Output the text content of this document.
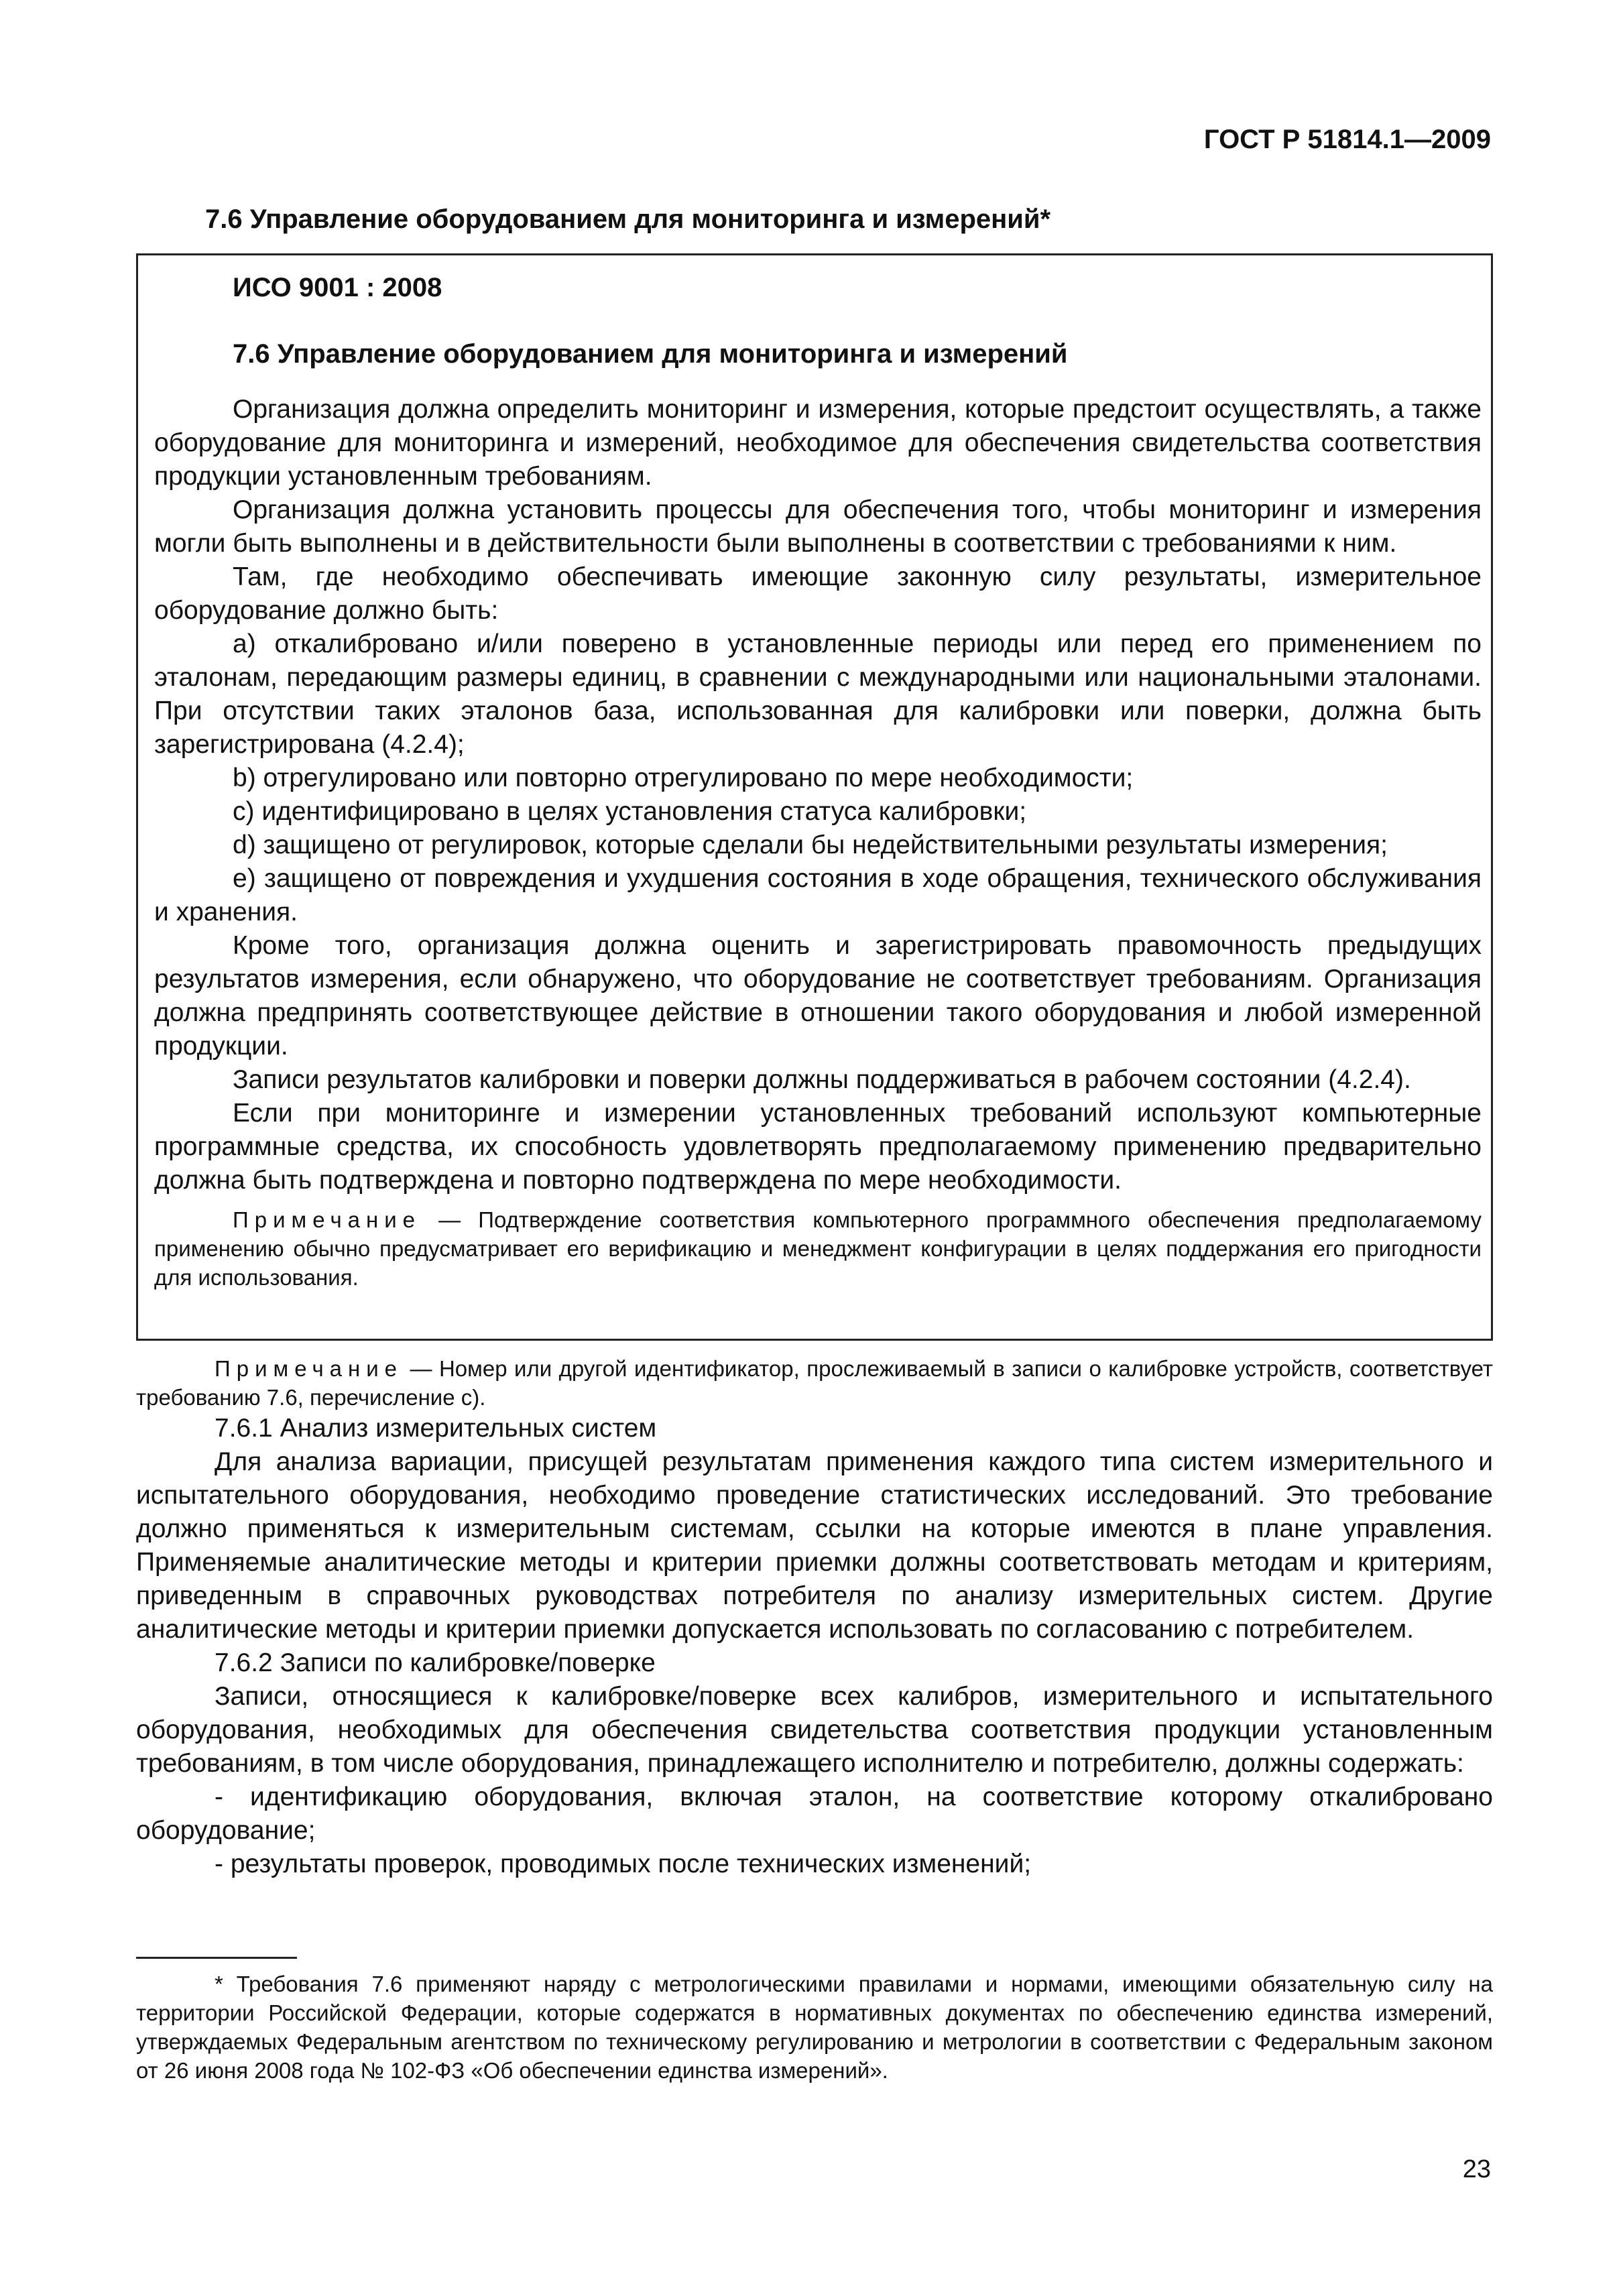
ГОСТ Р 51814.1—2009
7.6 Управление оборудованием для мониторинга и измерений*
ИСО 9001 : 2008
7.6 Управление оборудованием для мониторинга и измерений

Организация должна определить мониторинг и измерения, которые предстоит осуществлять, а также оборудование для мониторинга и измерений, необходимое для обеспечения свидетельства соответствия продукции установленным требованиям.

Организация должна установить процессы для обеспечения того, чтобы мониторинг и измерения могли быть выполнены и в действительности были выполнены в соответствии с требованиями к ним.

Там, где необходимо обеспечивать имеющие законную силу результаты, измерительное оборудование должно быть:

a) откалибровано и/или поверено в установленные периоды или перед его применением по эталонам, передающим размеры единиц, в сравнении с международными или национальными эталонами. При отсутствии таких эталонов база, использованная для калибровки или поверки, должна быть зарегистрирована (4.2.4);

b) отрегулировано или повторно отрегулировано по мере необходимости;

c) идентифицировано в целях установления статуса калибровки;

d) защищено от регулировок, которые сделали бы недействительными результаты измерения;

e) защищено от повреждения и ухудшения состояния в ходе обращения, технического обслуживания и хранения.

Кроме того, организация должна оценить и зарегистрировать правомочность предыдущих результатов измерения, если обнаружено, что оборудование не соответствует требованиям. Организация должна предпринять соответствующее действие в отношении такого оборудования и любой измеренной продукции.

Записи результатов калибровки и поверки должны поддерживаться в рабочем состоянии (4.2.4).

Если при мониторинге и измерении установленных требований используют компьютерные программные средства, их способность удовлетворять предполагаемому применению предварительно должна быть подтверждена и повторно подтверждена по мере необходимости.

Примечание — Подтверждение соответствия компьютерного программного обеспечения предполагаемому применению обычно предусматривает его верификацию и менеджмент конфигурации в целях поддержания его пригодности для использования.

Примечание — Номер или другой идентификатор, прослеживаемый в записи о калибровке устройств, соответствует требованию 7.6, перечисление с).

7.6.1 Анализ измерительных систем

Для анализа вариации, присущей результатам применения каждого типа систем измерительного и испытательного оборудования, необходимо проведение статистических исследований. Это требование должно применяться к измерительным системам, ссылки на которые имеются в плане управления. Применяемые аналитические методы и критерии приемки должны соответствовать методам и критериям, приведенным в справочных руководствах потребителя по анализу измерительных систем. Другие аналитические методы и критерии приемки допускается использовать по согласованию с потребителем.

7.6.2 Записи по калибровке/поверке

Записи, относящиеся к калибровке/поверке всех калибров, измерительного и испытательного оборудования, необходимых для обеспечения свидетельства соответствия продукции установленным требованиям, в том числе оборудования, принадлежащего исполнителю и потребителю, должны содержать:

- идентификацию оборудования, включая эталон, на соответствие которому откалибровано оборудование;

- результаты проверок, проводимых после технических изменений;

* Требования 7.6 применяют наряду с метрологическими правилами и нормами, имеющими обязательную силу на территории Российской Федерации, которые содержатся в нормативных документах по обеспечению единства измерений, утверждаемых Федеральным агентством по техническому регулированию и метрологии в соответствии с Федеральным законом от 26 июня 2008 года № 102-ФЗ «Об обеспечении единства измерений».

23
